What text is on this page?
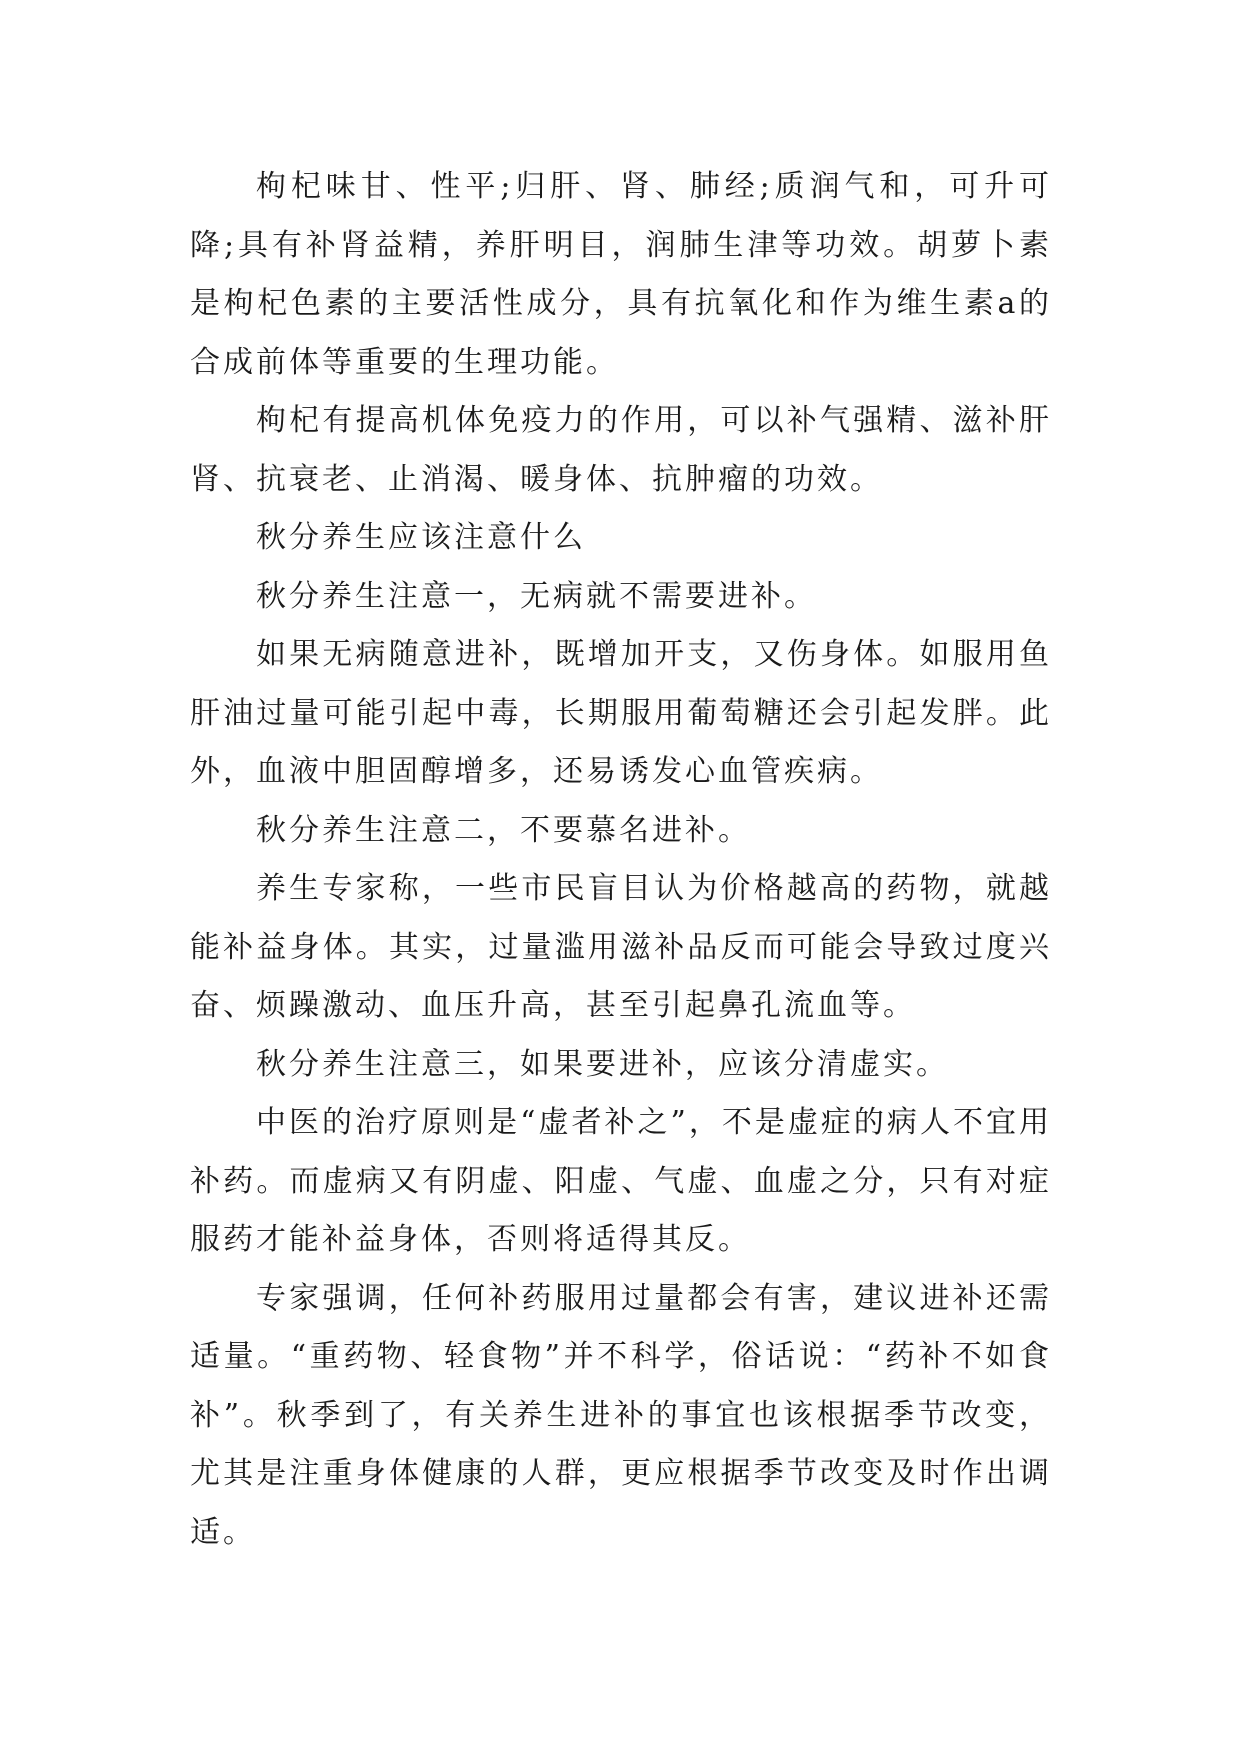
枸杞味甘、性平;归肝、肾、肺经;质润气和，可升可降;具有补肾益精，养肝明目，润肺生津等功效。胡萝卜素是枸杞色素的主要活性成分，具有抗氧化和作为维生素a的合成前体等重要的生理功能。

枸杞有提高机体免疫力的作用，可以补气强精、滋补肝肾、抗衰老、止消渴、暖身体、抗肿瘤的功效。

秋分养生应该注意什么

秋分养生注意一，无病就不需要进补。

如果无病随意进补，既增加开支，又伤身体。如服用鱼肝油过量可能引起中毒，长期服用葡萄糖还会引起发胖。此外，血液中胆固醇增多，还易诱发心血管疾病。

秋分养生注意二，不要慕名进补。

养生专家称，一些市民盲目认为价格越高的药物，就越能补益身体。其实，过量滥用滋补品反而可能会导致过度兴奋、烦躁激动、血压升高，甚至引起鼻孔流血等。

秋分养生注意三，如果要进补，应该分清虚实。

中医的治疗原则是“虚者补之”，不是虚症的病人不宜用补药。而虚病又有阴虚、阳虚、气虚、血虚之分，只有对症服药才能补益身体，否则将适得其反。

专家强调，任何补药服用过量都会有害，建议进补还需适量。“重药物、轻食物”并不科学，俗话说：“药补不如食补”。秋季到了，有关养生进补的事宜也该根据季节改变，尤其是注重身体健康的人群，更应根据季节改变及时作出调适。
